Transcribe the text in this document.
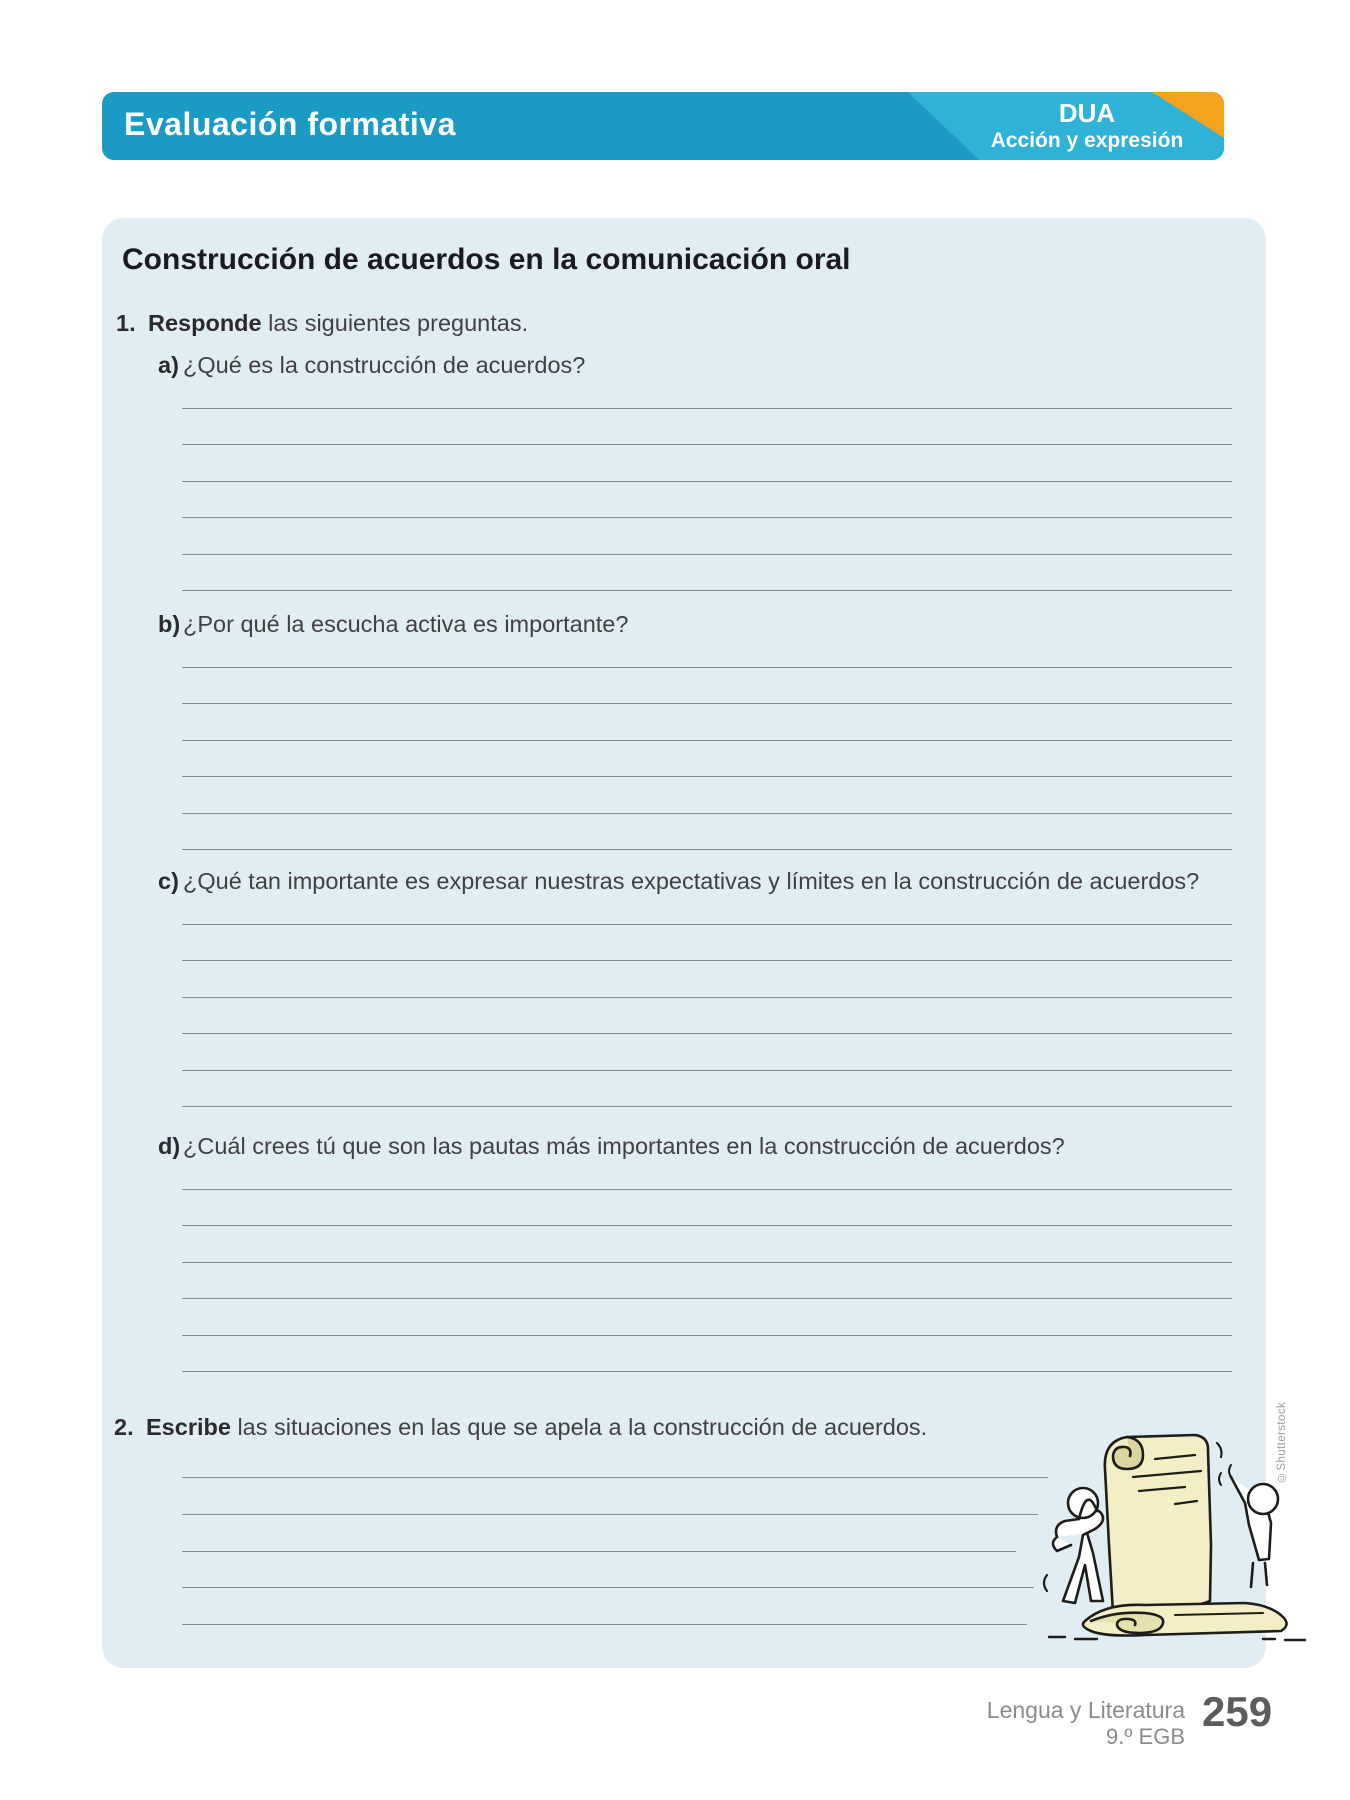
Evaluación formativa	DUA
Acción y expresión
Construcción de acuerdos en la comunicación oral
1. Responde las siguientes preguntas.
a) ¿Qué es la construcción de acuerdos?
b) ¿Por qué la escucha activa es importante?
c) ¿Qué tan importante es expresar nuestras expectativas y límites en la construcción de acuerdos?
d) ¿Cuál crees tú que son las pautas más importantes en la construcción de acuerdos?
2. Escribe las situaciones en las que se apela a la construcción de acuerdos.	©Shutterstock
Lengua y Literatura
9.º EGB
259
